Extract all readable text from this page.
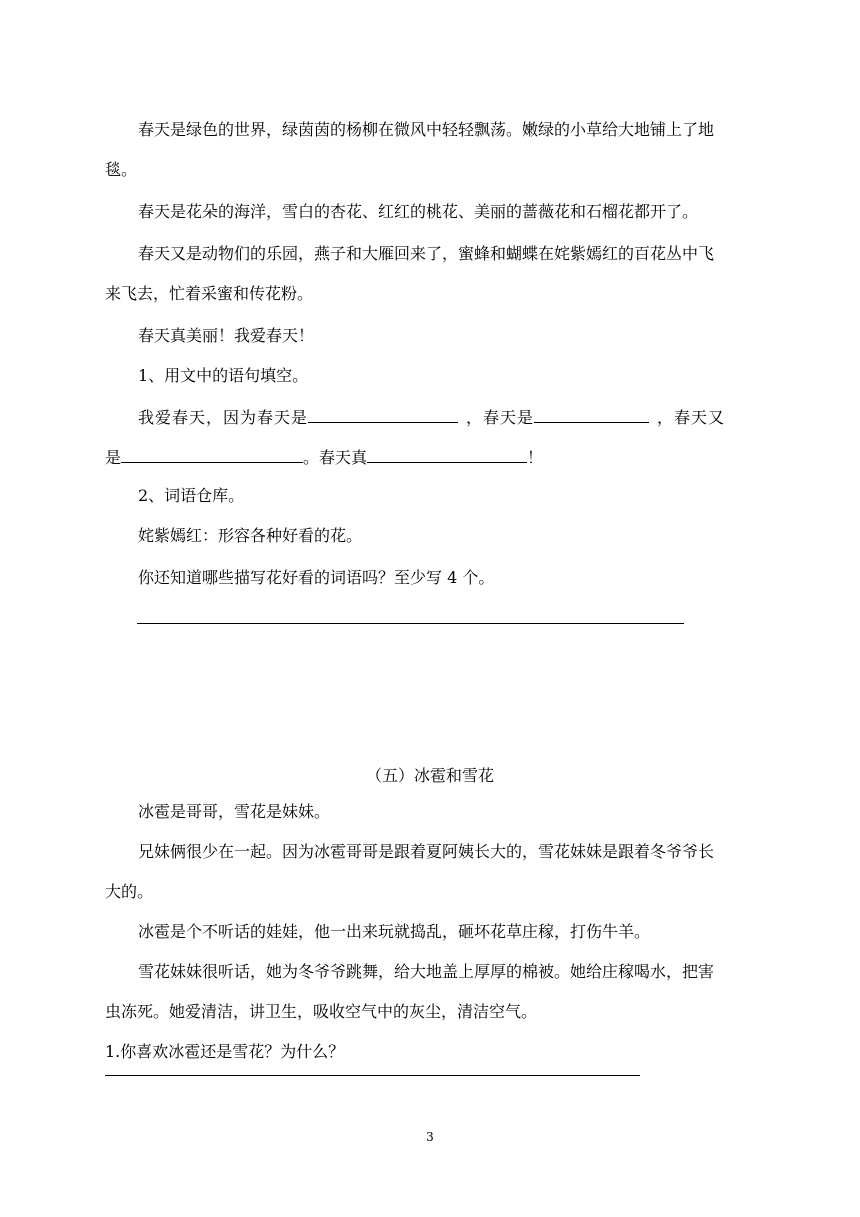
春天是绿色的世界，绿茵茵的杨柳在微风中轻轻飘荡。嫩绿的小草给大地铺上了地
毯。
春天是花朵的海洋，雪白的杏花、红红的桃花、美丽的蔷薇花和石榴花都开了。
春天又是动物们的乐园，燕子和大雁回来了，蜜蜂和蝴蝶在姹紫嫣红的百花丛中飞
来飞去，忙着采蜜和传花粉。
春天真美丽！我爱春天！
1、用文中的语句填空。
我爱春天，因为春天是	，春天是	，春天又
是	。春天真	！
2、词语仓库。
姹紫嫣红：形容各种好看的花。
你还知道哪些描写花好看的词语吗？至少写 4 个。
（五）冰雹和雪花
冰雹是哥哥，雪花是妹妹。
兄妹俩很少在一起。因为冰雹哥哥是跟着夏阿姨长大的，雪花妹妹是跟着冬爷爷长
大的。
冰雹是个不听话的娃娃，他一出来玩就捣乱，砸坏花草庄稼，打伤牛羊。
雪花妹妹很听话，她为冬爷爷跳舞，给大地盖上厚厚的棉被。她给庄稼喝水，把害
虫冻死。她爱清洁，讲卫生，吸收空气中的灰尘，清洁空气。
1.你喜欢冰雹还是雪花？为什么？
3
